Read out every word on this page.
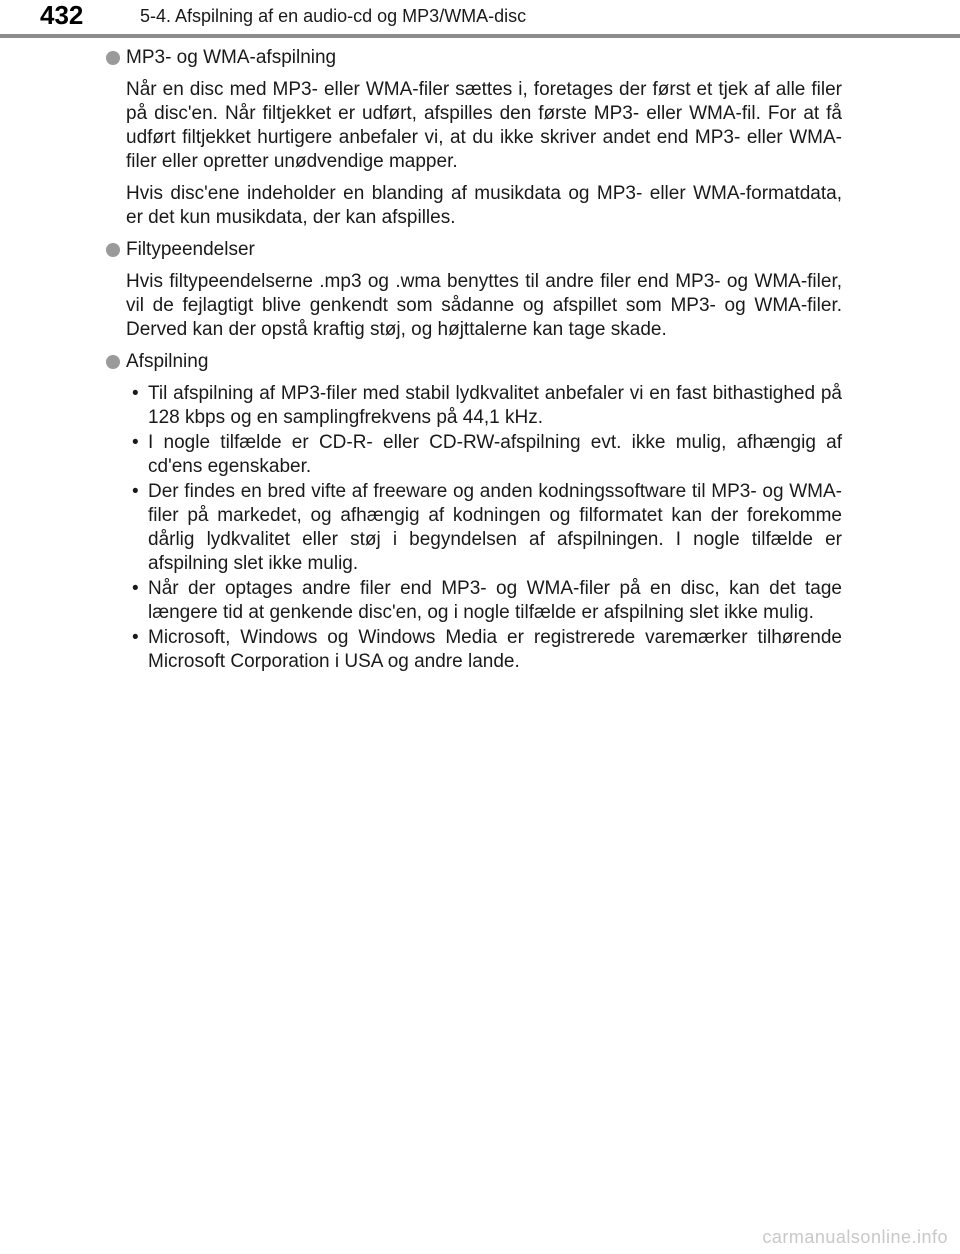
432	5-4. Afspilning af en audio-cd og MP3/WMA-disc
MP3- og WMA-afspilning

Når en disc med MP3- eller WMA-filer sættes i, foretages der først et tjek af alle filer på disc'en. Når filtjekket er udført, afspilles den første MP3- eller WMA-fil. For at få udført filtjekket hurtigere anbefaler vi, at du ikke skriver andet end MP3- eller WMA-filer eller opretter unødvendige mapper.

Hvis disc'ene indeholder en blanding af musikdata og MP3- eller WMA-formatdata, er det kun musikdata, der kan afspilles.

Filtypeendelser

Hvis filtypeendelserne .mp3 og .wma benyttes til andre filer end MP3- og WMA-filer, vil de fejlagtigt blive genkendt som sådanne og afspillet som MP3- og WMA-filer. Derved kan der opstå kraftig støj, og højttalerne kan tage skade.

Afspilning
• Til afspilning af MP3-filer med stabil lydkvalitet anbefaler vi en fast bithastighed på 128 kbps og en samplingfrekvens på 44,1 kHz.
• I nogle tilfælde er CD-R- eller CD-RW-afspilning evt. ikke mulig, afhængig af cd'ens egenskaber.
• Der findes en bred vifte af freeware og anden kodningssoftware til MP3- og WMA-filer på markedet, og afhængig af kodningen og filformatet kan der forekomme dårlig lydkvalitet eller støj i begyndelsen af afspilningen. I nogle tilfælde er afspilning slet ikke mulig.
• Når der optages andre filer end MP3- og WMA-filer på en disc, kan det tage længere tid at genkende disc'en, og i nogle tilfælde er afspilning slet ikke mulig.
• Microsoft, Windows og Windows Media er registrerede varemærker tilhørende Microsoft Corporation i USA og andre lande.
carmanualsonline.info
